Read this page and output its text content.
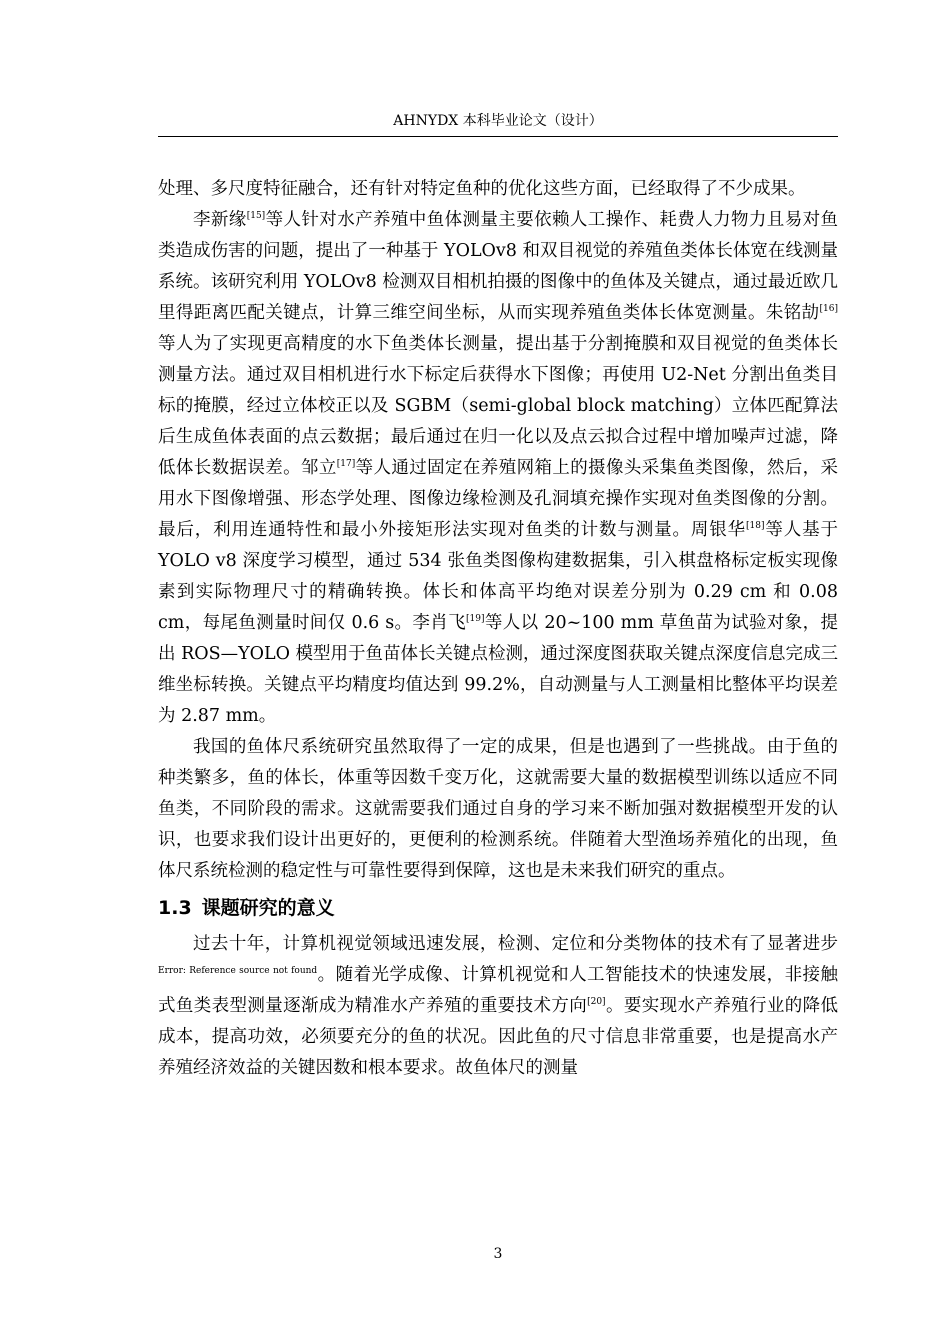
AHNYDX 本科毕业论文（设计）

处理、多尺度特征融合，还有针对特定鱼种的优化这些方面，已经取得了不少成果。

李新缘[15]等人针对水产养殖中鱼体测量主要依赖人工操作、耗费人力物力且易对鱼类造成伤害的问题，提出了一种基于 YOLOv8 和双目视觉的养殖鱼类体长体宽在线测量系统。该研究利用 YOLOv8 检测双目相机拍摄的图像中的鱼体及关键点，通过最近欧几里得距离匹配关键点，计算三维空间坐标，从而实现养殖鱼类体长体宽测量。朱铭劼[16]等人为了实现更高精度的水下鱼类体长测量，提出基于分割掩膜和双目视觉的鱼类体长测量方法。通过双目相机进行水下标定后获得水下图像；再使用 U2-Net 分割出鱼类目标的掩膜，经过立体校正以及 SGBM（semi-global block matching）立体匹配算法后生成鱼体表面的点云数据；最后通过在归一化以及点云拟合过程中增加噪声过滤，降低体长数据误差。邹立[17]等人通过固定在养殖网箱上的摄像头采集鱼类图像，然后，采用水下图像增强、形态学处理、图像边缘检测及孔洞填充操作实现对鱼类图像的分割。最后，利用连通特性和最小外接矩形法实现对鱼类的计数与测量。周银华[18]等人基于 YOLO v8 深度学习模型，通过 534 张鱼类图像构建数据集，引入棋盘格标定板实现像素到实际物理尺寸的精确转换。体长和体高平均绝对误差分别为 0.29 cm 和 0.08 cm，每尾鱼测量时间仅 0.6 s。李肖飞[19]等人以 20~100 mm 草鱼苗为试验对象，提出 ROS—YOLO 模型用于鱼苗体长关键点检测，通过深度图获取关键点深度信息完成三维坐标转换。关键点平均精度均值达到 99.2%，自动测量与人工测量相比整体平均误差为 2.87 mm。

我国的鱼体尺系统研究虽然取得了一定的成果，但是也遇到了一些挑战。由于鱼的种类繁多，鱼的体长，体重等因数千变万化，这就需要大量的数据模型训练以适应不同鱼类，不同阶段的需求。这就需要我们通过自身的学习来不断加强对数据模型开发的认识，也要求我们设计出更好的，更便利的检测系统。伴随着大型渔场养殖化的出现，鱼体尺系统检测的稳定性与可靠性要得到保障，这也是未来我们研究的重点。

1.3 课题研究的意义

过去十年，计算机视觉领域迅速发展，检测、定位和分类物体的技术有了显著进步$^{Error: Reference source not found}$。随着光学成像、计算机视觉和人工智能技术的快速发展，非接触式鱼类表型测量逐渐成为精准水产养殖的重要技术方向[20]。要实现水产养殖行业的降低成本，提高功效，必须要充分的鱼的状况。因此鱼的尺寸信息非常重要，也是提高水产养殖经济效益的关键因数和根本要求。故鱼体尺的测量

3
